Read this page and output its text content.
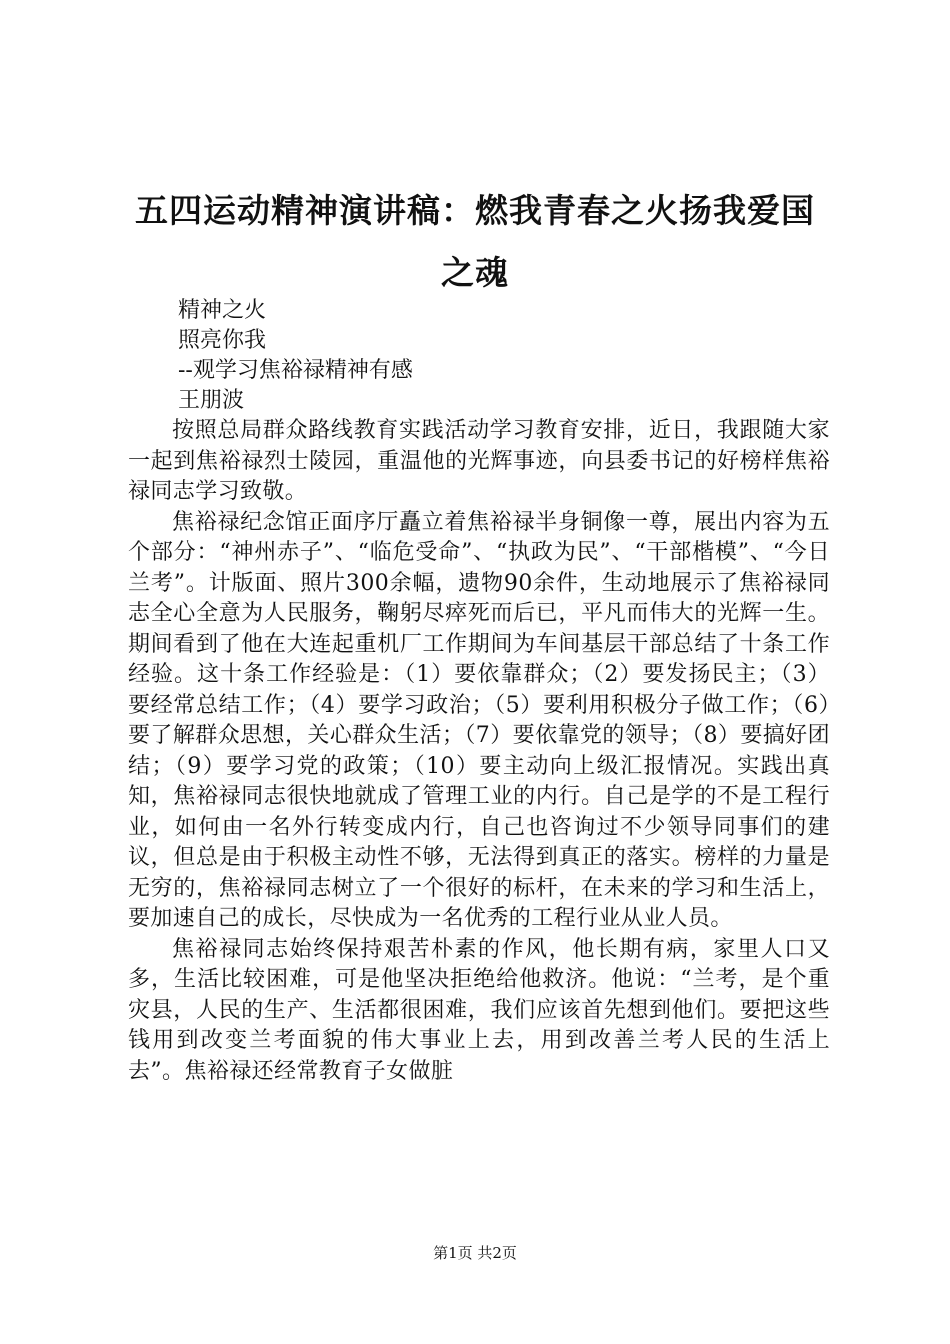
五四运动精神演讲稿：燃我青春之火扬我爱国之魂

精神之火

照亮你我

--观学习焦裕禄精神有感

王朋波

按照总局群众路线教育实践活动学习教育安排，近日，我跟随大家一起到焦裕禄烈士陵园，重温他的光辉事迹，向县委书记的好榜样焦裕禄同志学习致敬。

焦裕禄纪念馆正面序厅矗立着焦裕禄半身铜像一尊，展出内容为五个部分：“神州赤子”、“临危受命”、“执政为民”、“干部楷模”、“今日兰考”。计版面、照片300余幅，遗物90余件，生动地展示了焦裕禄同志全心全意为人民服务，鞠躬尽瘁死而后已，平凡而伟大的光辉一生。期间看到了他在大连起重机厂工作期间为车间基层干部总结了十条工作经验。这十条工作经验是：（1）要依靠群众；（2）要发扬民主；（3）要经常总结工作；（4）要学习政治；（5）要利用积极分子做工作；（6）要了解群众思想，关心群众生活；（7）要依靠党的领导；（8）要搞好团结；（9）要学习党的政策；（10）要主动向上级汇报情况。实践出真知，焦裕禄同志很快地就成了管理工业的内行。自己是学的不是工程行业，如何由一名外行转变成内行，自己也咨询过不少领导同事们的建议，但总是由于积极主动性不够，无法得到真正的落实。榜样的力量是无穷的，焦裕禄同志树立了一个很好的标杆，在未来的学习和生活上，要加速自己的成长，尽快成为一名优秀的工程行业从业人员。

焦裕禄同志始终保持艰苦朴素的作风，他长期有病，家里人口又多，生活比较困难，可是他坚决拒绝给他救济。他说：“兰考，是个重灾县，人民的生产、生活都很困难，我们应该首先想到他们。要把这些钱用到改变兰考面貌的伟大事业上去，用到改善兰考人民的生活上去”。焦裕禄还经常教育子女做脏

第1页 共2页
